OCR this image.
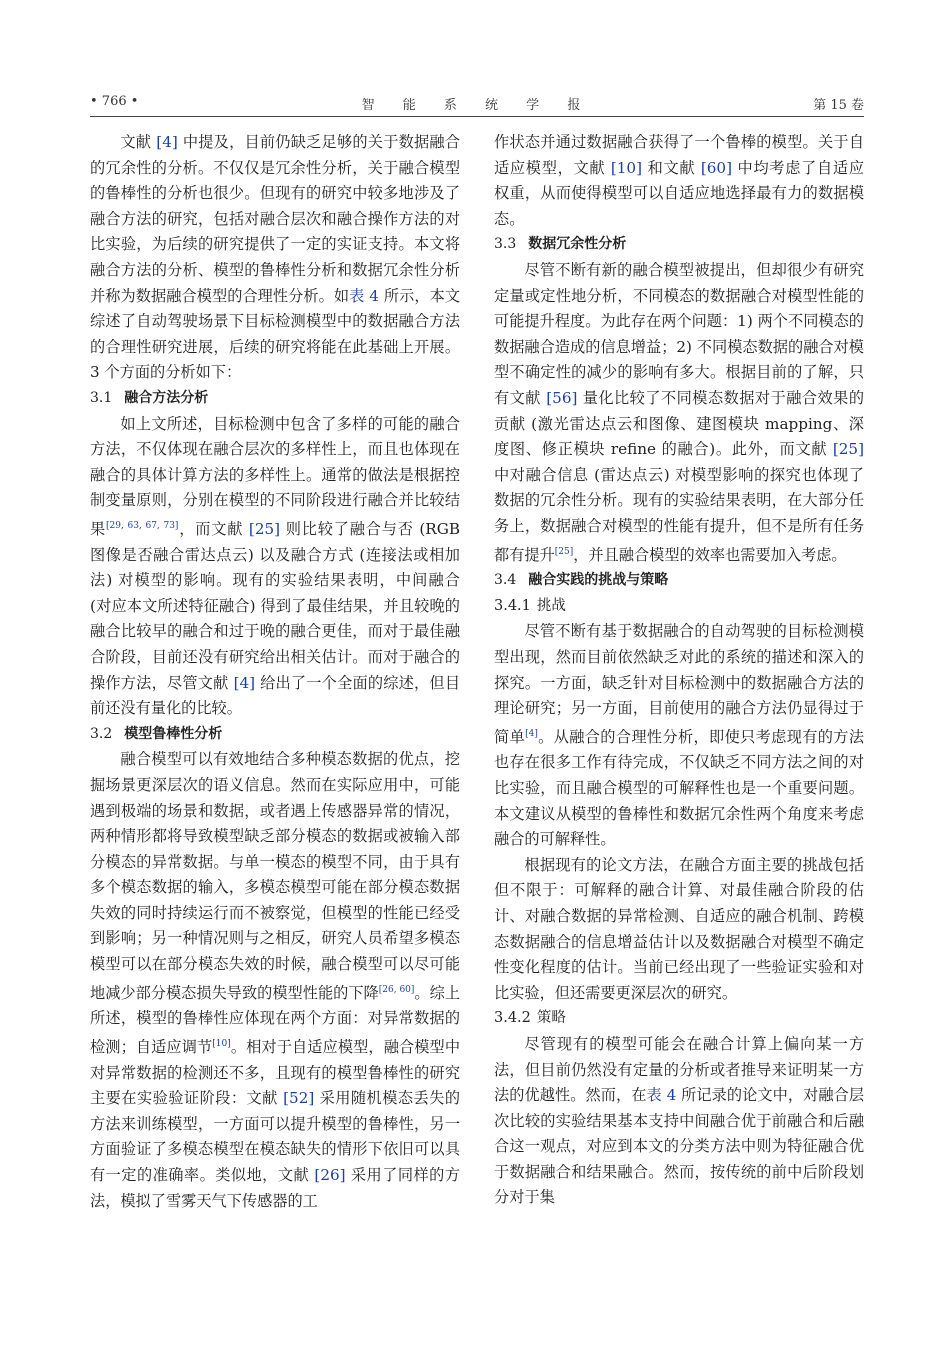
• 766 •	智 能 系 统 学 报	第 15 卷

文献 [4] 中提及，目前仍缺乏足够的关于数据融合的冗余性的分析。不仅仅是冗余性分析，关于融合模型的鲁棒性的分析也很少。但现有的研究中较多地涉及了融合方法的研究，包括对融合层次和融合操作方法的对比实验，为后续的研究提供了一定的实证支持。本文将融合方法的分析、模型的鲁棒性分析和数据冗余性分析并称为数据融合模型的合理性分析。如表 4 所示，本文综述了自动驾驶场景下目标检测模型中的数据融合方法的合理性研究进展，后续的研究将能在此基础上开展。3 个方面的分析如下：

3.1 融合方法分析

如上文所述，目标检测中包含了多样的可能的融合方法，不仅体现在融合层次的多样性上，而且也体现在融合的具体计算方法的多样性上。通常的做法是根据控制变量原则，分别在模型的不同阶段进行融合并比较结果[29, 63, 67, 73]，而文献 [25] 则比较了融合与否 (RGB 图像是否融合雷达点云) 以及融合方式 (连接法或相加法) 对模型的影响。现有的实验结果表明，中间融合 (对应本文所述特征融合) 得到了最佳结果，并且较晚的融合比较早的融合和过于晚的融合更佳，而对于最佳融合阶段，目前还没有研究给出相关估计。而对于融合的操作方法，尽管文献 [4] 给出了一个全面的综述，但目前还没有量化的比较。

3.2 模型鲁棒性分析

融合模型可以有效地结合多种模态数据的优点，挖掘场景更深层次的语义信息。然而在实际应用中，可能遇到极端的场景和数据，或者遇上传感器异常的情况，两种情形都将导致模型缺乏部分模态的数据或被输入部分模态的异常数据。与单一模态的模型不同，由于具有多个模态数据的输入，多模态模型可能在部分模态数据失效的同时持续运行而不被察觉，但模型的性能已经受到影响；另一种情况则与之相反，研究人员希望多模态模型可以在部分模态失效的时候，融合模型可以尽可能地减少部分模态损失导致的模型性能的下降[26, 60]。综上所述，模型的鲁棒性应体现在两个方面：对异常数据的检测；自适应调节[10]。相对于自适应模型，融合模型中对异常数据的检测还不多，且现有的模型鲁棒性的研究主要在实验验证阶段：文献 [52] 采用随机模态丢失的方法来训练模型，一方面可以提升模型的鲁棒性，另一方面验证了多模态模型在模态缺失的情形下依旧可以具有一定的准确率。类似地，文献 [26] 采用了同样的方法，模拟了雪雾天气下传感器的工

作状态并通过数据融合获得了一个鲁棒的模型。关于自适应模型，文献 [10] 和文献 [60] 中均考虑了自适应权重，从而使得模型可以自适应地选择最有力的数据模态。

3.3 数据冗余性分析

尽管不断有新的融合模型被提出，但却很少有研究定量或定性地分析，不同模态的数据融合对模型性能的可能提升程度。为此存在两个问题：1) 两个不同模态的数据融合造成的信息增益；2) 不同模态数据的融合对模型不确定性的减少的影响有多大。根据目前的了解，只有文献 [56] 量化比较了不同模态数据对于融合效果的贡献 (激光雷达点云和图像、建图模块 mapping、深度图、修正模块 refine 的融合)。此外，而文献 [25] 中对融合信息 (雷达点云) 对模型影响的探究也体现了数据的冗余性分析。现有的实验结果表明，在大部分任务上，数据融合对模型的性能有提升，但不是所有任务都有提升[25]，并且融合模型的效率也需要加入考虑。

3.4 融合实践的挑战与策略
3.4.1 挑战

尽管不断有基于数据融合的自动驾驶的目标检测模型出现，然而目前依然缺乏对此的系统的描述和深入的探究。一方面，缺乏针对目标检测中的数据融合方法的理论研究；另一方面，目前使用的融合方法仍显得过于简单[4]。从融合的合理性分析，即使只考虑现有的方法也存在很多工作有待完成，不仅缺乏不同方法之间的对比实验，而且融合模型的可解释性也是一个重要问题。本文建议从模型的鲁棒性和数据冗余性两个角度来考虑融合的可解释性。

根据现有的论文方法，在融合方面主要的挑战包括但不限于：可解释的融合计算、对最佳融合阶段的估计、对融合数据的异常检测、自适应的融合机制、跨模态数据融合的信息增益估计以及数据融合对模型不确定性变化程度的估计。当前已经出现了一些验证实验和对比实验，但还需要更深层次的研究。

3.4.2 策略

尽管现有的模型可能会在融合计算上偏向某一方法，但目前仍然没有定量的分析或者推导来证明某一方法的优越性。然而，在表 4 所记录的论文中，对融合层次比较的实验结果基本支持中间融合优于前融合和后融合这一观点，对应到本文的分类方法中则为特征融合优于数据融合和结果融合。然而，按传统的前中后阶段划分对于集
